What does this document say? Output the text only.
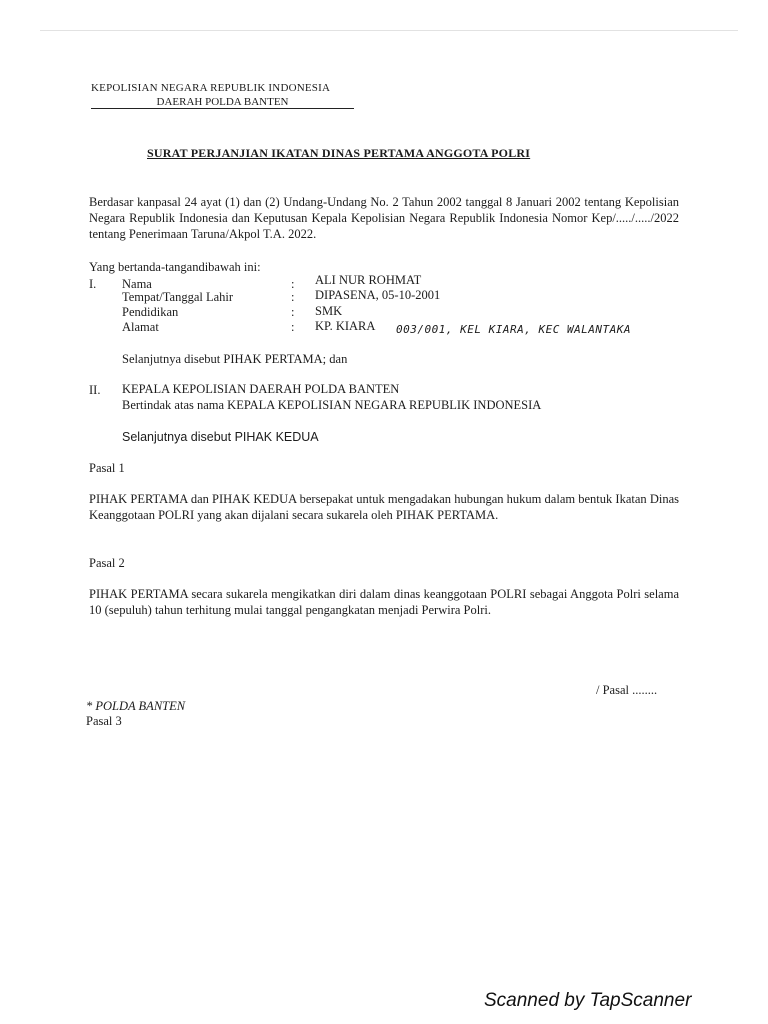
KEPOLISIAN NEGARA REPUBLIK INDONESIA
DAERAH POLDA BANTEN
SURAT PERJANJIAN IKATAN DINAS PERTAMA ANGGOTA POLRI
Berdasar kanpasal 24 ayat (1) dan (2) Undang-Undang No. 2 Tahun 2002 tanggal 8 Januari 2002 tentang Kepolisian Negara Republik Indonesia dan Keputusan Kepala Kepolisian Negara Republik Indonesia Nomor Kep/...../...../2022 tentang Penerimaan Taruna/Akpol T.A. 2022.
Yang bertanda-tangandibawah ini:
I. Nama	: ALI NUR ROHMAT
Tempat/Tanggal Lahir	: DIPASENA, 05-10-2001
Pendidikan	: SMK
Alamat	: KP. KIARA 003/001, KEL KIARA, KEC WALANTAKA
Selanjutnya disebut PIHAK PERTAMA; dan
II. KEPALA KEPOLISIAN DAERAH POLDA BANTEN
Bertindak atas nama KEPALA KEPOLISIAN NEGARA REPUBLIK INDONESIA
Selanjutnya disebut PIHAK KEDUA
Pasal 1
PIHAK PERTAMA dan PIHAK KEDUA bersepakat untuk mengadakan hubungan hukum dalam bentuk Ikatan Dinas Keanggotaan POLRI yang akan dijalani secara sukarela oleh PIHAK PERTAMA.
Pasal 2
PIHAK PERTAMA secara sukarela mengikatkan diri dalam dinas keanggotaan POLRI sebagai Anggota Polri selama 10 (sepuluh) tahun terhitung mulai tanggal pengangkatan menjadi Perwira Polri.
/ Pasal ........
* POLDA BANTEN
Pasal 3
Scanned by TapScanner
